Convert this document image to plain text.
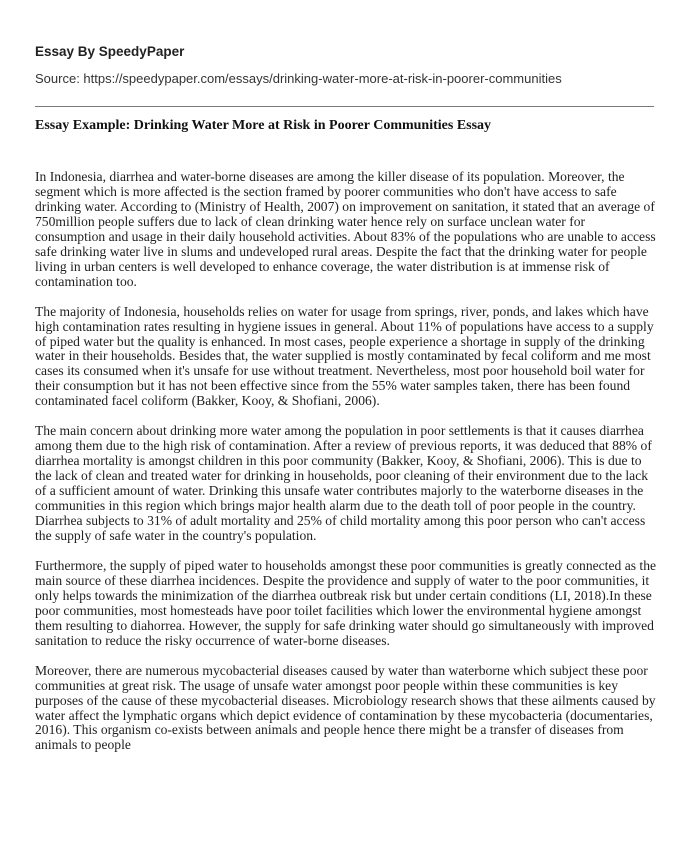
Essay By SpeedyPaper

Source: https://speedypaper.com/essays/drinking-water-more-at-risk-in-poorer-communities

Essay Example: Drinking Water More at Risk in Poorer Communities Essay

In Indonesia, diarrhea and water-borne diseases are among the killer disease of its population. Moreover, the segment which is more affected is the section framed by poorer communities who don't have access to safe drinking water. According to (Ministry of Health, 2007) on improvement on sanitation, it stated that an average of 750million people suffers due to lack of clean drinking water hence rely on surface unclean water for consumption and usage in their daily household activities. About 83% of the populations who are unable to access safe drinking water live in slums and undeveloped rural areas. Despite the fact that the drinking water for people living in urban centers is well developed to enhance coverage, the water distribution is at immense risk of contamination too.

The majority of Indonesia, households relies on water for usage from springs, river, ponds, and lakes which have high contamination rates resulting in hygiene issues in general. About 11% of populations have access to a supply of piped water but the quality is enhanced. In most cases, people experience a shortage in supply of the drinking water in their households. Besides that, the water supplied is mostly contaminated by fecal coliform and me most cases its consumed when it's unsafe for use without treatment. Nevertheless, most poor household boil water for their consumption but it has not been effective since from the 55% water samples taken, there has been found contaminated facel coliform (Bakker, Kooy, & Shofiani, 2006).

The main concern about drinking more water among the population in poor settlements is that it causes diarrhea among them due to the high risk of contamination. After a review of previous reports, it was deduced that 88% of diarrhea mortality is amongst children in this poor community (Bakker, Kooy, & Shofiani, 2006). This is due to the lack of clean and treated water for drinking in households, poor cleaning of their environment due to the lack of a sufficient amount of water. Drinking this unsafe water contributes majorly to the waterborne diseases in the communities in this region which brings major health alarm due to the death toll of poor people in the country. Diarrhea subjects to 31% of adult mortality and 25% of child mortality among this poor person who can't access the supply of safe water in the country's population.

Furthermore, the supply of piped water to households amongst these poor communities is greatly connected as the main source of these diarrhea incidences. Despite the providence and supply of water to the poor communities, it only helps towards the minimization of the diarrhea outbreak risk but under certain conditions (LI, 2018).In these poor communities, most homesteads have poor toilet facilities which lower the environmental hygiene amongst them resulting to diahorrea. However, the supply for safe drinking water should go simultaneously with improved sanitation to reduce the risky occurrence of water-borne diseases.

Moreover, there are numerous mycobacterial diseases caused by water than waterborne which subject these poor communities at great risk. The usage of unsafe water amongst poor people within these communities is key purposes of the cause of these mycobacterial diseases. Microbiology research shows that these ailments caused by water affect the lymphatic organs which depict evidence of contamination by these mycobacteria (documentaries, 2016). This organism co-exists between animals and people hence there might be a transfer of diseases from animals to people
